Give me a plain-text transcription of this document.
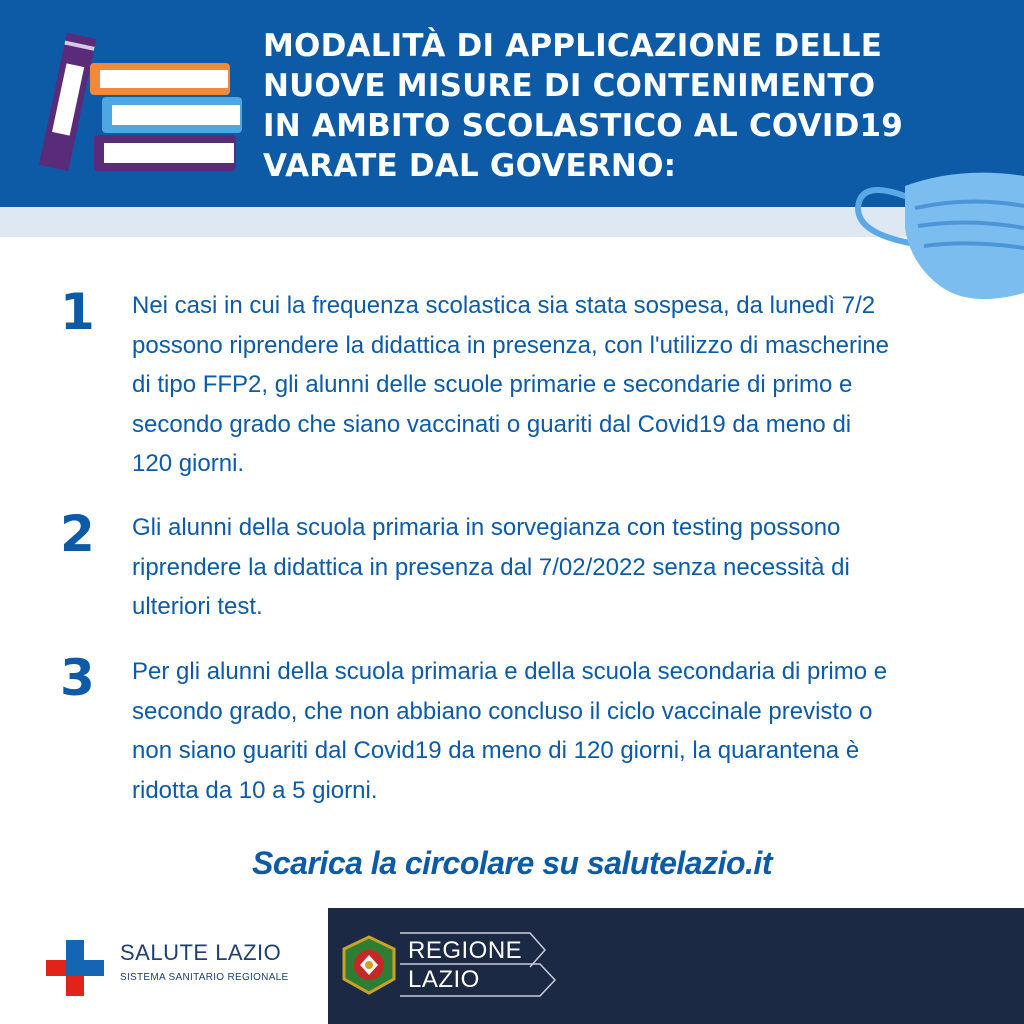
MODALITÀ DI APPLICAZIONE DELLE
NUOVE MISURE DI CONTENIMENTO
IN AMBITO SCOLASTICO AL COVID19
VARATE DAL GOVERNO:
1 Nei casi in cui la frequenza scolastica sia stata sospesa, da lunedì 7/2
possono riprendere la didattica in presenza, con l'utilizzo di mascherine
di tipo FFP2, gli alunni delle scuole primarie e secondarie di primo e
secondo grado che siano vaccinati o guariti dal Covid19 da meno di
120 giorni.
2 Gli alunni della scuola primaria in sorvegianza con testing possono
riprendere la didattica in presenza dal 7/02/2022 senza necessità di
ulteriori test.
3 Per gli alunni della scuola primaria e della scuola secondaria di primo e
secondo grado, che non abbiano concluso il ciclo vaccinale previsto o
non siano guariti dal Covid19 da meno di 120 giorni, la quarantena è
ridotta da 10 a 5 giorni.
Scarica la circolare su salutelazio.it
SALUTE LAZIO
SISTEMA SANITARIO REGIONALE
REGIONE
LAZIO
